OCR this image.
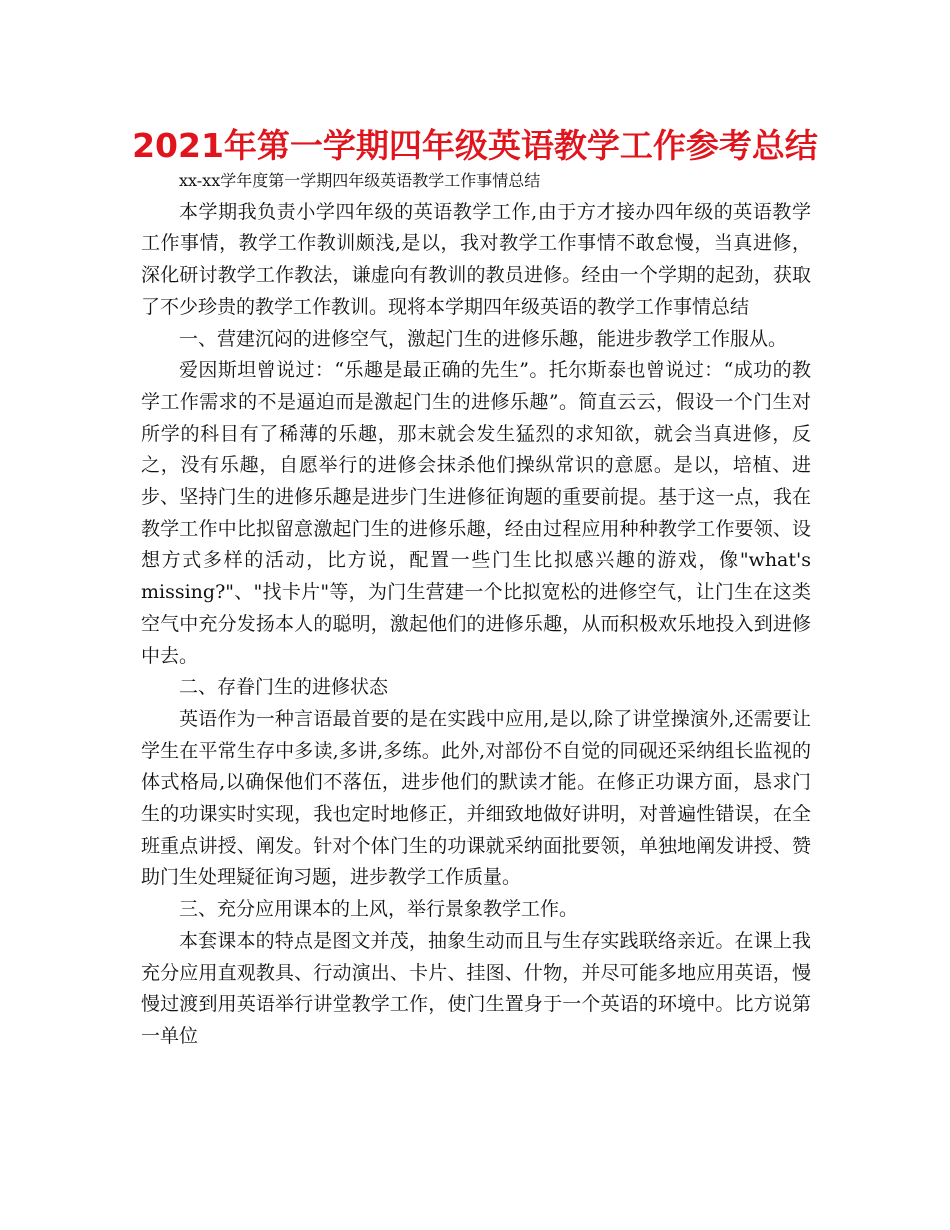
2021年第一学期四年级英语教学工作参考总结

xx-xx学年度第一学期四年级英语教学工作事情总结

本学期我负责小学四年级的英语教学工作,由于方才接办四年级的英语教学工作事情，教学工作教训颇浅,是以，我对教学工作事情不敢怠慢，当真进修，深化研讨教学工作教法，谦虚向有教训的教员进修。经由一个学期的起劲，获取了不少珍贵的教学工作教训。现将本学期四年级英语的教学工作事情总结

一、营建沉闷的进修空气，激起门生的进修乐趣，能进步教学工作服从。

爱因斯坦曾说过：“乐趣是最正确的先生”。托尔斯泰也曾说过：“成功的教学工作需求的不是逼迫而是激起门生的进修乐趣”。简直云云，假设一个门生对所学的科目有了稀薄的乐趣，那末就会发生猛烈的求知欲，就会当真进修，反之，没有乐趣，自愿举行的进修会抹杀他们操纵常识的意愿。是以，培植、进步、坚持门生的进修乐趣是进步门生进修征询题的重要前提。基于这一点，我在教学工作中比拟留意激起门生的进修乐趣，经由过程应用种种教学工作要领、设想方式多样的活动，比方说，配置一些门生比拟感兴趣的游戏，像"what's missing?"、"找卡片"等，为门生营建一个比拟宽松的进修空气，让门生在这类空气中充分发扬本人的聪明，激起他们的进修乐趣，从而积极欢乐地投入到进修中去。

二、存眷门生的进修状态

英语作为一种言语最首要的是在实践中应用,是以,除了讲堂操演外,还需要让学生在平常生存中多读,多讲,多练。此外,对部份不自觉的同砚还采纳组长监视的体式格局,以确保他们不落伍，进步他们的默读才能。在修正功课方面，恳求门生的功课实时实现，我也定时地修正，并细致地做好讲明，对普遍性错误，在全班重点讲授、阐发。针对个体门生的功课就采纳面批要领，单独地阐发讲授、赞助门生处理疑征询习题，进步教学工作质量。

三、充分应用课本的上风，举行景象教学工作。

本套课本的特点是图文并茂，抽象生动而且与生存实践联络亲近。在课上我充分应用直观教具、行动演出、卡片、挂图、什物，并尽可能多地应用英语，慢慢过渡到用英语举行讲堂教学工作，使门生置身于一个英语的环境中。比方说第一单位
